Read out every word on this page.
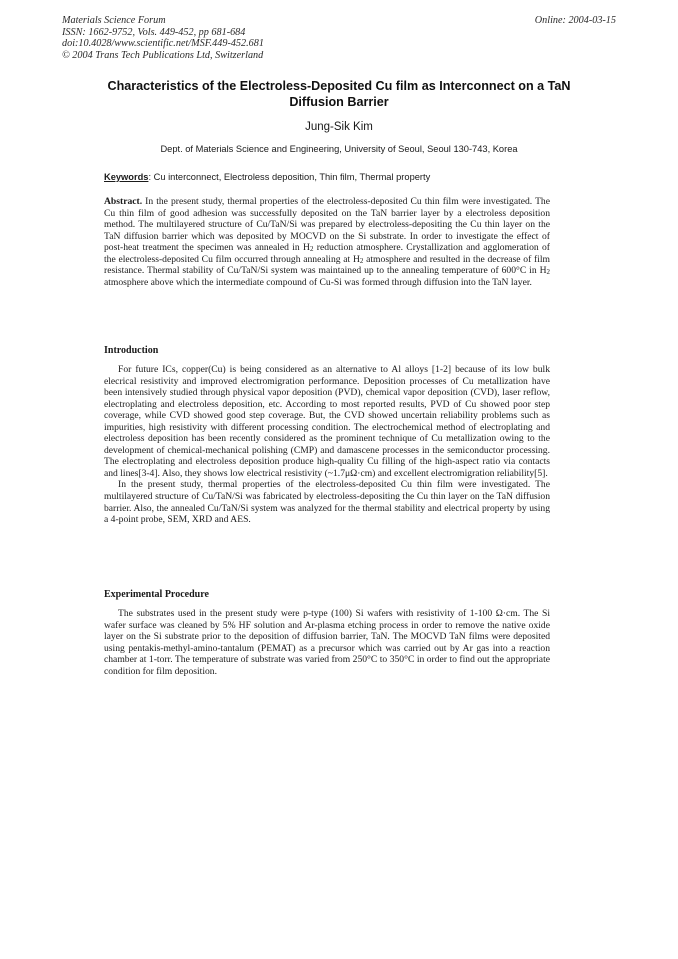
Materials Science Forum
ISSN: 1662-9752, Vols. 449-452, pp 681-684
doi:10.4028/www.scientific.net/MSF.449-452.681
© 2004 Trans Tech Publications Ltd, Switzerland
Online: 2004-03-15
Characteristics of the Electroless-Deposited Cu film as Interconnect on a TaN Diffusion Barrier
Jung-Sik Kim
Dept. of Materials Science and Engineering, University of Seoul, Seoul 130-743, Korea
Keywords: Cu interconnect, Electroless deposition, Thin film, Thermal property

Abstract. In the present study, thermal properties of the electroless-deposited Cu thin film were investigated. The Cu thin film of good adhesion was successfully deposited on the TaN barrier layer by a electroless deposition method. The multilayered structure of Cu/TaN/Si was prepared by electroless-depositing the Cu thin layer on the TaN diffusion barrier which was deposited by MOCVD on the Si substrate. In order to investigate the effect of post-heat treatment the specimen was annealed in $H_2$ reduction atmosphere. Crystallization and agglomeration of the electroless-deposited Cu film occurred through annealing at $H_2$ atmosphere and resulted in the decrease of film resistance. Thermal stability of Cu/TaN/Si system was maintained up to the annealing temperature of 600°C in $H_2$ atmosphere above which the intermediate compound of Cu-Si was formed through diffusion into the TaN layer.

Introduction

For future ICs, copper(Cu) is being considered as an alternative to Al alloys [1-2] because of its low bulk elecrical resistivity and improved electromigration performance. Deposition processes of Cu metallization have been intensively studied through physical vapor deposition (PVD), chemical vapor deposition (CVD), laser reflow, electroplating and electroless deposition, etc. According to most reported results, PVD of Cu showed poor step coverage, while CVD showed good step coverage. But, the CVD showed uncertain reliability problems such as impurities, high resistivity with different processing condition. The electrochemical method of electroplating and electroless deposition has been recently considered as the prominent technique of Cu metallization owing to the development of chemical-mechanical polishing (CMP) and damascene processes in the semiconductor processing. The electroplating and electroless deposition produce high-quality Cu filling of the high-aspect ratio via contacts and lines[3-4]. Also, they shows low electrical resistivity (~1.7μΩ·cm) and excellent electromigration reliability[5].

In the present study, thermal properties of the electroless-deposited Cu thin film were investigated. The multilayered structure of Cu/TaN/Si was fabricated by electroless-depositing the Cu thin layer on the TaN diffusion barrier. Also, the annealed Cu/TaN/Si system was analyzed for the thermal stability and electrical property by using a 4-point probe, SEM, XRD and AES.

Experimental Procedure

The substrates used in the present study were p-type (100) Si wafers with resistivity of 1-100 Ω·cm. The Si wafer surface was cleaned by 5% HF solution and Ar-plasma etching process in order to remove the native oxide layer on the Si substrate prior to the deposition of diffusion barrier, TaN. The MOCVD TaN films were deposited using pentakis-methyl-amino-tantalum (PEMAT) as a precursor which was carried out by Ar gas into a reaction chamber at 1-torr. The temperature of substrate was varied from 250°C to 350°C in order to find out the appropriate condition for film deposition.
